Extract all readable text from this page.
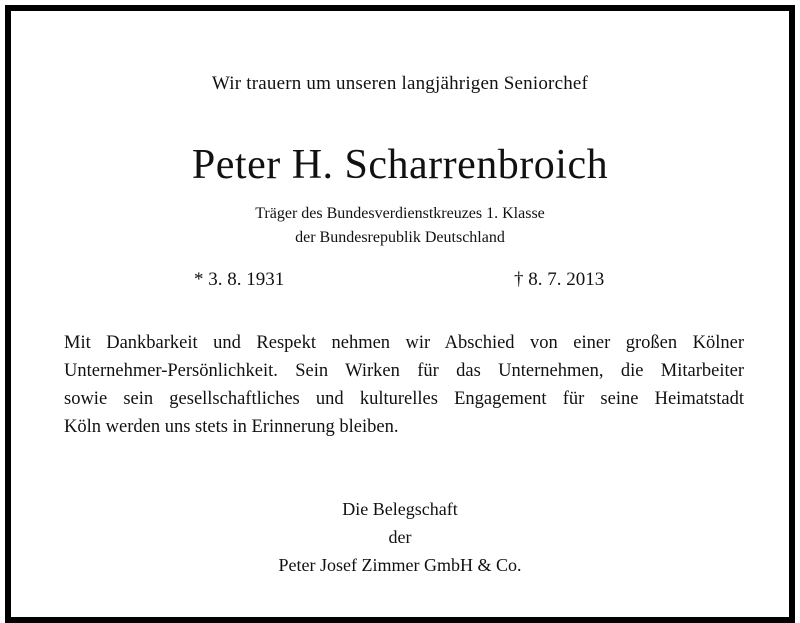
Wir trauern um unseren langjährigen Seniorchef
Peter H. Scharrenbroich
Träger des Bundesverdienstkreuzes 1. Klasse
der Bundesrepublik Deutschland
* 3. 8. 1931	† 8. 7. 2013
Mit Dankbarkeit und Respekt nehmen wir Abschied von einer großen Kölner
Unternehmer-Persönlichkeit. Sein Wirken für das Unternehmen, die Mitarbeiter
sowie sein gesellschaftliches und kulturelles Engagement für seine Heimatstadt
Köln werden uns stets in Erinnerung bleiben.
Die Belegschaft
der
Peter Josef Zimmer GmbH & Co.
